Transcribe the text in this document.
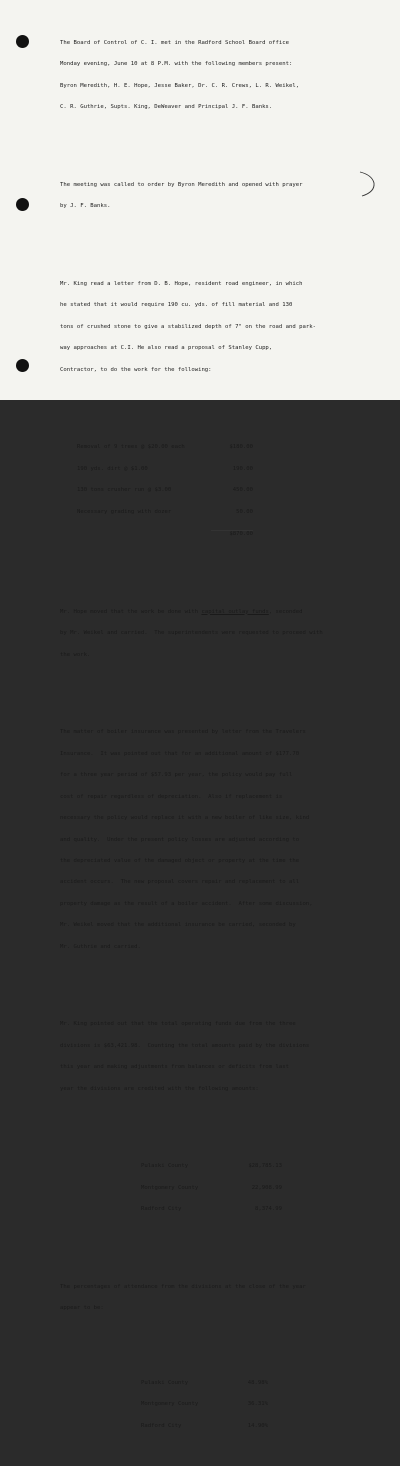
The Board of Control of C. I. met in the Radford School Board office

Monday evening, June 10 at 8 P.M. with the following members present:

Byron Meredith, H. E. Hope, Jesse Baker, Dr. C. R. Crews, L. R. Weikel,

C. R. Guthrie, Supts. King, DeWeaver and Principal J. F. Banks.

The meeting was called to order by Byron Meredith and opened with prayer

by J. F. Banks.

Mr. King read a letter from D. B. Hope, resident road engineer, in which

he stated that it would require 190 cu. yds. of fill material and 130

tons of crushed stone to give a stabilized depth of 7" on the road and park-

way approaches at C.I. He also read a proposal of Stanley Cupp,

Contractor, to do the work for the following:

Removal of 9 trees @ $20.00 each	$180.00

190 yds. dirt @ $1.00	190.00

130 tons crusher run @ $3.00	450.00

Necessary grading with dozer	50.00

$870.00

Mr. Hope moved that the work be done with capital outlay funds, seconded

by Mr. Weikel and carried.  The superintendents were requested to proceed with

the work.

The matter of boiler insurance was presented by letter from the Travelers

Insurance.  It was pointed out that for an additional amount of $177.70

for a three year period of $57.93 per year, the policy would pay full

cost of repair regardless of depreciation.  Also if replacement is

necessary the policy would replace it with a new boiler of like size, kind

and quality.  Under the present policy losses are adjusted according to

the depreciated value of the damaged object or property at the time the

accident occurs.  The new proposal covers repair and replacement to all

property damage as the result of a boiler accident.  After some discussion,

Mr. Weikel moved that the additional insurance be carried, seconded by

Mr. Guthrie and carried.

Mr. King pointed out that the total operating funds due from the three

divisions is $63,421.98.  Counting the total amounts paid by the divisions

this year and making adjustments from balances or deficits from last

year the divisions are credited with the following amounts:

Pulaski County	$28,785.13

Montgomery County	22,908.99

Radford City	8,374.99

The percentages of attendance from the divisions at the close of the year

appear to be:

Pulaski County	48.98%

Montgomery County	36.31%

Radford City	14.90%
